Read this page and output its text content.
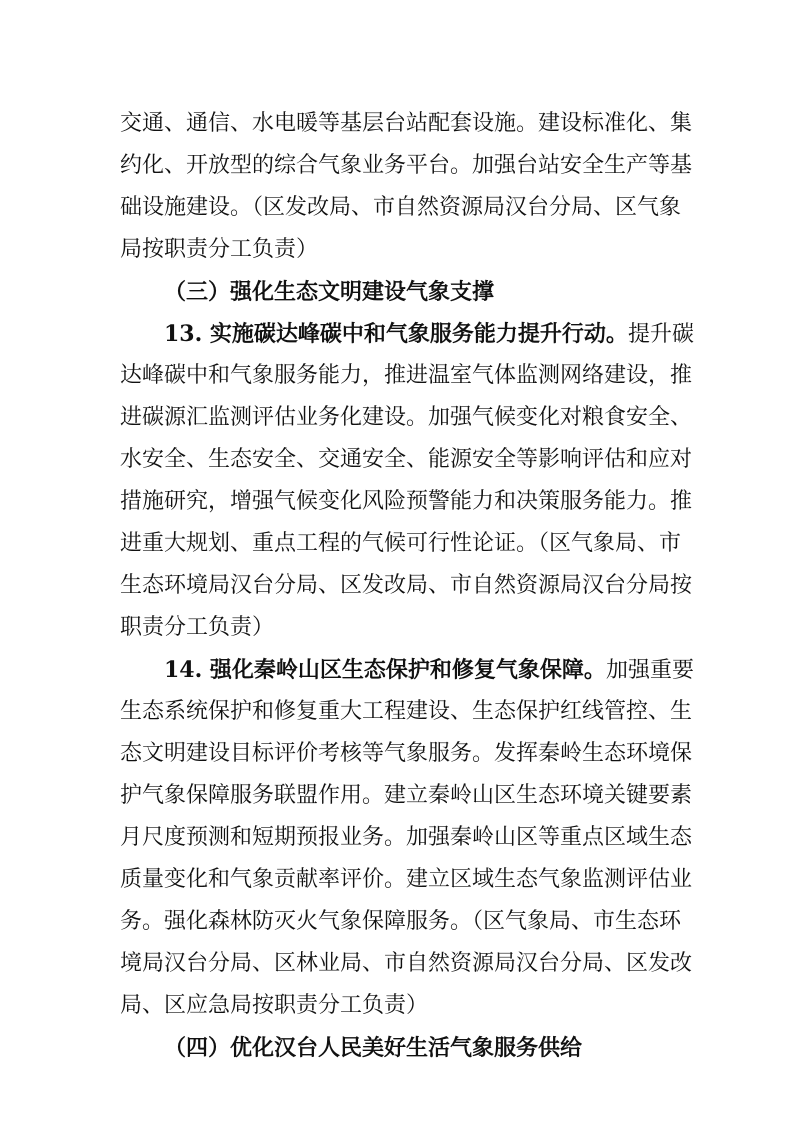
交通、通信、水电暖等基层台站配套设施。建设标准化、集
约化、开放型的综合气象业务平台。加强台站安全生产等基
础设施建设。（区发改局、市自然资源局汉台分局、区气象
局按职责分工负责）
（三）强化生态文明建设气象支撑
13. 实施碳达峰碳中和气象服务能力提升行动。提升碳
达峰碳中和气象服务能力，推进温室气体监测网络建设，推
进碳源汇监测评估业务化建设。加强气候变化对粮食安全、
水安全、生态安全、交通安全、能源安全等影响评估和应对
措施研究，增强气候变化风险预警能力和决策服务能力。推
进重大规划、重点工程的气候可行性论证。（区气象局、市
生态环境局汉台分局、区发改局、市自然资源局汉台分局按
职责分工负责）
14. 强化秦岭山区生态保护和修复气象保障。加强重要
生态系统保护和修复重大工程建设、生态保护红线管控、生
态文明建设目标评价考核等气象服务。发挥秦岭生态环境保
护气象保障服务联盟作用。建立秦岭山区生态环境关键要素
月尺度预测和短期预报业务。加强秦岭山区等重点区域生态
质量变化和气象贡献率评价。建立区域生态气象监测评估业
务。强化森林防灭火气象保障服务。（区气象局、市生态环
境局汉台分局、区林业局、市自然资源局汉台分局、区发改
局、区应急局按职责分工负责）
（四）优化汉台人民美好生活气象服务供给
